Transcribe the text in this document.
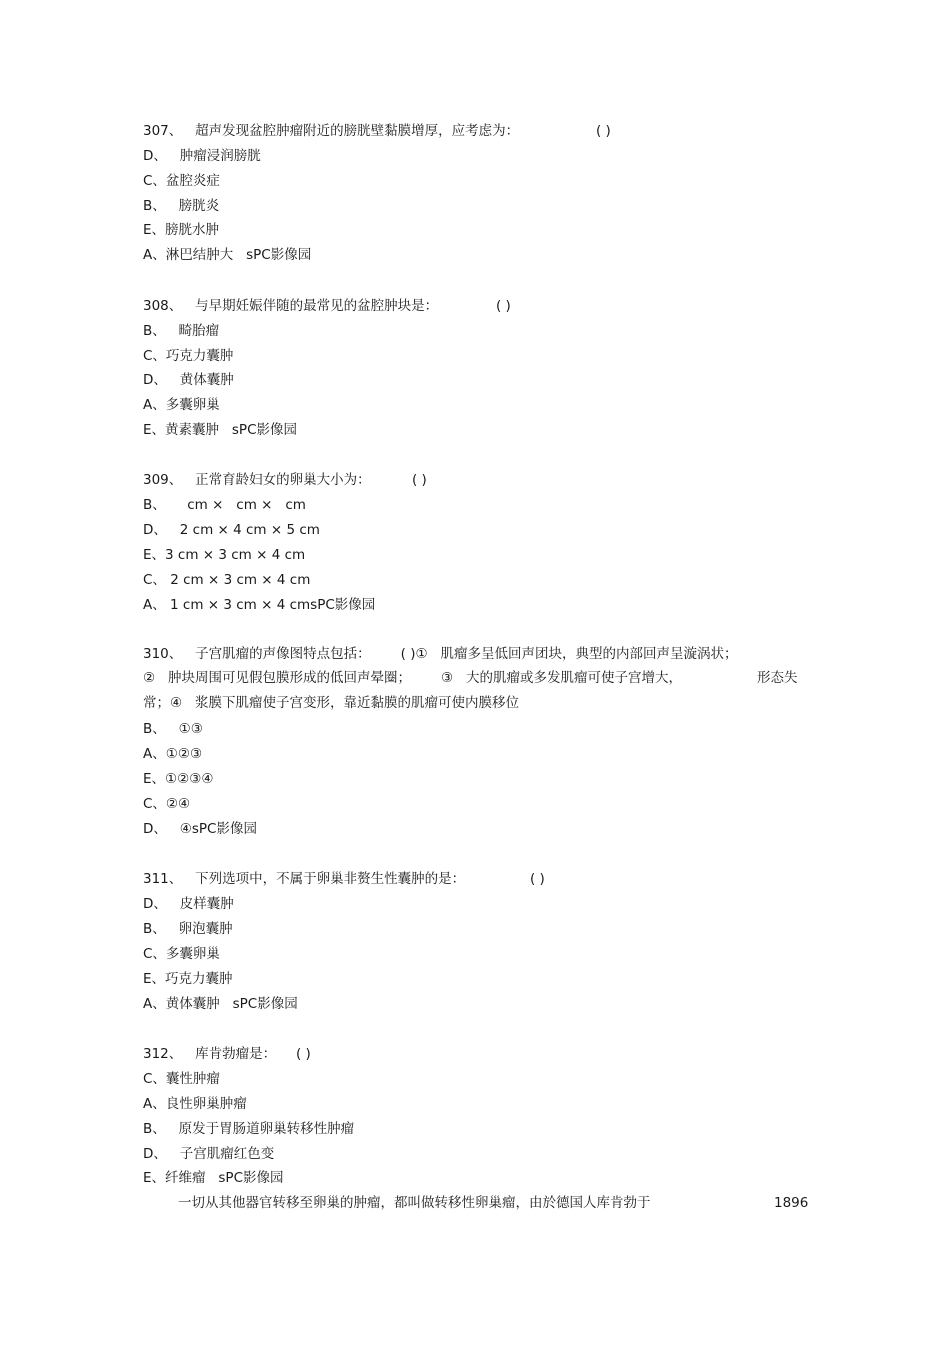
307、   超声发现盆腔肿瘤附近的膀胱壁黏膜增厚，应考虑为：	( )
D、   肿瘤浸润膀胱
C、盆腔炎症
B、   膀胱炎
E、膀胱水肿
A、淋巴结肿大   sPC影像园
308、   与早期妊娠伴随的最常见的盆腔肿块是：	( )
B、   畸胎瘤
C、巧克力囊肿
D、   黄体囊肿
A、多囊卵巢
E、黄素囊肿   sPC影像园
309、   正常育龄妇女的卵巢大小为：	( )
B、     cm ×   cm ×   cm
D、   2 cm × 4 cm × 5 cm
E、3 cm × 3 cm × 4 cm
C、 2 cm × 3 cm × 4 cm
A、 1 cm × 3 cm × 4 cmsPC影像园
310、   子宫肌瘤的声像图特点包括：       ( )①   肌瘤多呈低回声团块，典型的内部回声呈漩涡状；
②   肿块周围可见假包膜形成的低回声晕圈；       ③   大的肌瘤或多发肌瘤可使子宫增大，	形态失
常；④   浆膜下肌瘤使子宫变形，靠近黏膜的肌瘤可使内膜移位
B、   ①③
A、①②③
E、①②③④
C、②④
D、   ④sPC影像园
311、   下列选项中，不属于卵巢非赘生性囊肿的是：	( )
D、   皮样囊肿
B、   卵泡囊肿
C、多囊卵巢
E、巧克力囊肿
A、黄体囊肿   sPC影像园
312、   库肯勃瘤是： ( )
C、囊性肿瘤
A、良性卵巢肿瘤
B、   原发于胃肠道卵巢转移性肿瘤
D、   子宫肌瘤红色变
E、纤维瘤   sPC影像园
一切从其他器官转移至卵巢的肿瘤，都叫做转移性卵巢瘤，由於德国人库肯勃于	1896
